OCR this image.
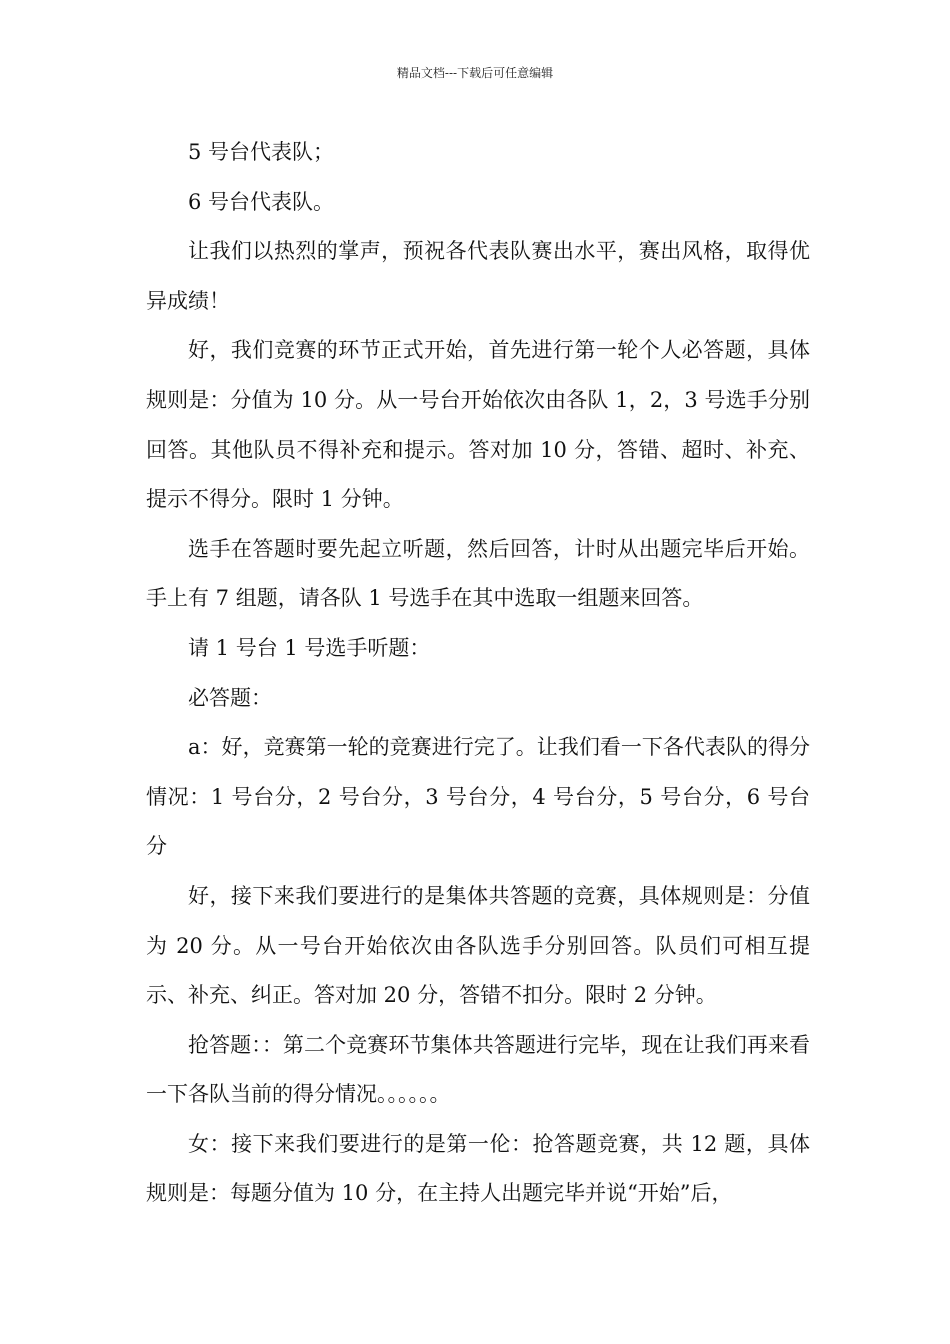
精品文档---下载后可任意编辑

5 号台代表队；

6 号台代表队。

让我们以热烈的掌声，预祝各代表队赛出水平，赛出风格，取得优异成绩！

好，我们竞赛的环节正式开始，首先进行第一轮个人必答题，具体规则是：分值为 10 分。从一号台开始依次由各队 1，2，3 号选手分别回答。其他队员不得补充和提示。答对加 10 分，答错、超时、补充、提示不得分。限时 1 分钟。

选手在答题时要先起立听题，然后回答，计时从出题完毕后开始。手上有 7 组题，请各队 1 号选手在其中选取一组题来回答。

请 1 号台 1 号选手听题：

必答题：

a：好，竞赛第一轮的竞赛进行完了。让我们看一下各代表队的得分情况：1 号台分，2 号台分，3 号台分，4 号台分，5 号台分，6 号台分

好，接下来我们要进行的是集体共答题的竞赛，具体规则是：分值为 20 分。从一号台开始依次由各队选手分别回答。队员们可相互提示、补充、纠正。答对加 20 分，答错不扣分。限时 2 分钟。

抢答题：：第二个竞赛环节集体共答题进行完毕，现在让我们再来看一下各队当前的得分情况。。。。。。

女：接下来我们要进行的是第一伦：抢答题竞赛，共 12 题，具体规则是：每题分值为 10 分，在主持人出题完毕并说“开始”后，
